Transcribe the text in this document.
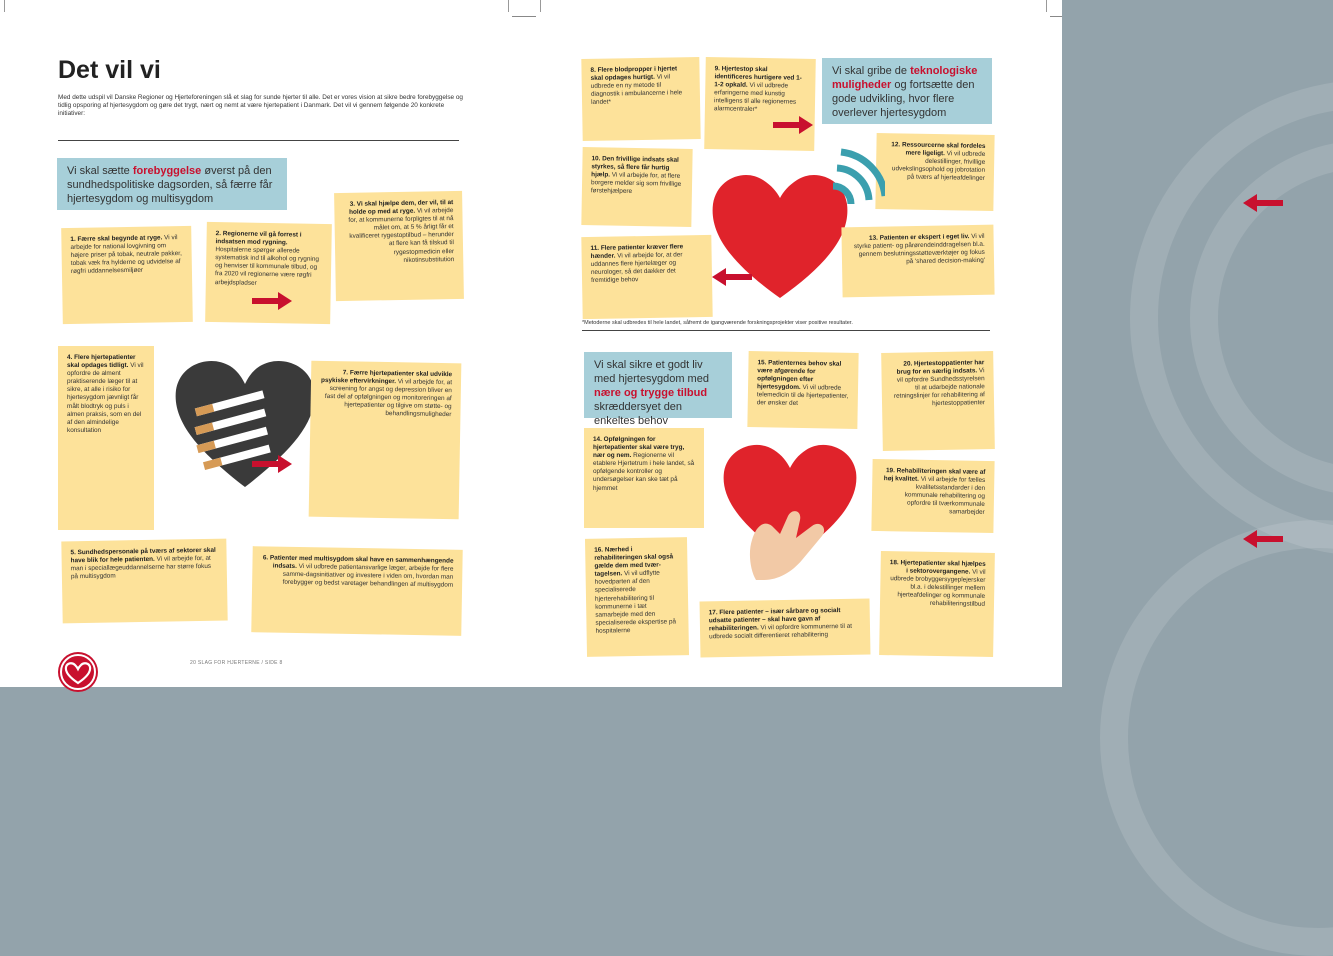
Det vil vi
Med dette udspil vil Danske Regioner og Hjerteforeningen slå et slag for sunde hjerter til alle. Det er vores vision at sikre bedre forebyggelse og tidlig opsporing af hjertesygdom og gøre det trygt, nært og nemt at være hjertepatient i Danmark. Det vil vi gennem følgende 20 konkrete initiativer:
Vi skal sætte forebyggelse øverst på den sundhedspolitiske dagsorden, så færre får hjertesygdom og multisygdom
1. Færre skal begynde at ryge. Vi vil arbejde for national lovgivning om højere priser på tobak, neutrale pakker, tobak væk fra hylderne og udvidelse af røgfri uddannelsesmiljøer
2. Regionerne vil gå forrest i indsatsen mod rygning. Hospitalerne spørger allerede systematisk ind til alkohol og rygning og henviser til kommunale tilbud, og fra 2020 vil regionerne være røgfri arbejdspladser
3. Vi skal hjælpe dem, der vil, til at holde op med at ryge. Vi vil arbejde for, at kommunerne forpligtes til at nå målet om, at 5 % årligt får et kvalificeret rygestoptilbud – herunder at flere kan få tilskud til rygestopmedicin eller nikotinsubstitution
4. Flere hjertepatienter skal opdages tidligt. Vi vil opfordre de alment praktiserende læger til at sikre, at alle i risiko for hjertesygdom jævnligt får målt blodtryk og puls i almen praksis, som en del af den almindelige konsultation
7. Færre hjertepatienter skal udvikle psykiske eftervirkninger. Vi vil arbejde for, at screening for angst og depression bliver en fast del af opfølgningen og monitoreringen af hjertepatienter og tilgive om støtte- og behandlingsmuligheder
5. Sundhedspersonale på tværs af sektorer skal have blik for hele patienten. Vi vil arbejde for, at man i speciallægeuddannelserne har større fokus på multisygdom
6. Patienter med multisygdom skal have en sammenhængende indsats. Vi vil udbrede patientansvarlige læger, arbejde for flere samme-dagsinitiativer og investere i viden om, hvordan man forebygger og bedst varetager behandlingen af multisygdom
20 SLAG FOR HJERTERNE / SIDE 8
8. Flere blodpropper i hjertet skal opdages hurtigt. Vi vil udbrede en ny metode til diagnostik i ambulancerne i hele landet*
9. Hjertestop skal identificeres hurtigere ved 1-1-2 opkald. Vi vil udbrede erfaringerne med kunstig intelligens til alle regionernes alarmcentraler*
Vi skal gribe de teknologiske muligheder og fortsætte den gode udvikling, hvor flere overlever hjertesygdom
10. Den frivillige indsats skal styrkes, så flere får hurtig hjælp. Vi vil arbejde for, at flere borgere melder sig som frivillige førstehjælpere
12. Ressourcerne skal fordeles mere ligeligt. Vi vil udbrede delestillinger, frivillige udvekslingsophold og jobrotation på tværs af hjerteafdelinger
11. Flere patienter kræver flere hænder. Vi vil arbejde for, at der uddannes flere hjertelæger og neurologer, så det dækker det fremtidige behov
13. Patienten er ekspert i eget liv. Vi vil styrke patient- og pårørendeinddragelsen bl.a. gennem beslutningsstøtteværktøjer og fokus på 'shared decision-making'
*Metoderne skal udbredes til hele landet, såfremt de igangværende forskningsprojekter viser positive resultater.
Vi skal sikre et godt liv med hjertesygdom med nære og trygge tilbud skræddersyet den enkeltes behov
15. Patienternes behov skal være afgørende for opfølgningen efter hjertesygdom. Vi vil udbrede telemedicin til de hjertepatienter, der ønsker det
20. Hjertestoppatienter har brug for en særlig indsats. Vi vil opfordre Sundhedsstyrelsen til at udarbejde nationale retningslinjer for rehabilitering af hjertestoppatienter
14. Opfølgningen for hjertepatienter skal være tryg, nær og nem. Regionerne vil etablere Hjertetrum i hele landet, så opfølgende kontroller og undersøgelser kan ske tæt på hjemmet
19. Rehabiliteringen skal være af høj kvalitet. Vi vil arbejde for fælles kvalitetsstandarder i den kommunale rehabilitering og opfordre til tværkommunale samarbejder
16. Nærhed i rehabiliteringen skal også gælde dem med tvær-tagelsen. Vi vil udflytte hovedparten af den specialiserede hjerterehabilitering til kommunerne i tæt samarbejde med den specialiserede ekspertise på hospitalerne
18. Hjertepatienter skal hjælpes i sektorovergangene. Vi vil udbrede brobyggersygeplejersker bl.a. i delestillinger mellem hjerteafdelinger og kommunale rehabiliteringstilbud
17. Flere patienter – især sårbare og socialt udsatte patienter – skal have gavn af rehabiliteringen. Vi vil opfordre kommunerne til at udbrede socialt differentieret rehabilitering
HJERTE
FORENINGEN
